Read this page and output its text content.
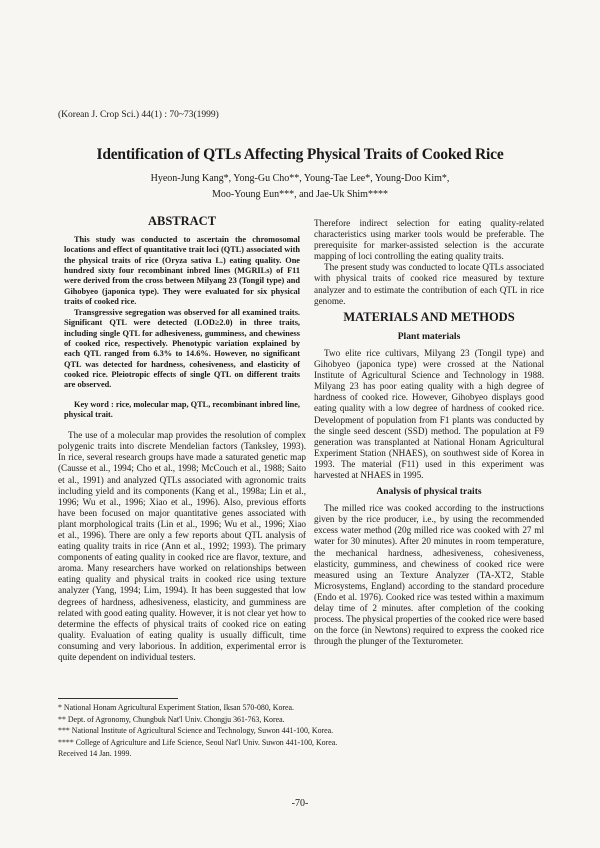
(Korean J. Crop Sci.) 44(1) : 70~73(1999)
Identification of QTLs Affecting Physical Traits of Cooked Rice
Hyeon-Jung Kang*, Yong-Gu Cho**, Young-Tae Lee*, Young-Doo Kim*,
Moo-Young Eun***, and Jae-Uk Shim****
ABSTRACT

This study was conducted to ascertain the chromosomal locations and effect of quantitative trait loci (QTL) associated with the physical traits of rice (Oryza sativa L.) eating quality. One hundred sixty four recombinant inbred lines (MGRILs) of F11 were derived from the cross between Milyang 23 (Tongil type) and Gihobyeo (japonica type). They were evaluated for six physical traits of cooked rice.

Transgressive segregation was observed for all examined traits. Significant QTL were detected (LOD≥2.0) in three traits, including single QTL for adhesiveness, gumminess, and chewiness of cooked rice, respectively. Phenotypic variation explained by each QTL ranged from 6.3% to 14.6%. However, no significant QTL was detected for hardness, cohesiveness, and elasticity of cooked rice. Pleiotropic effects of single QTL on different traits are observed.

Key word : rice, molecular map, QTL, recombinant inbred line, physical trait.

The use of a molecular map provides the resolution of complex polygenic traits into discrete Mendelian factors (Tanksley, 1993). In rice, several research groups have made a saturated genetic map (Causse et al., 1994; Cho et al., 1998; McCouch et al., 1988; Saito et al., 1991) and analyzed QTLs associated with agronomic traits including yield and its components (Kang et al., 1998a; Lin et al., 1996; Wu et al., 1996; Xiao et al., 1996). Also, previous efforts have been focused on major quantitative genes associated with plant morphological traits (Lin et al., 1996; Wu et al., 1996; Xiao et al., 1996). There are only a few reports about QTL analysis of eating quality traits in rice (Ann et al., 1992; 1993). The primary components of eating quality in cooked rice are flavor, texture, and aroma. Many researchers have worked on relationships between eating quality and physical traits in cooked rice using texture analyzer (Yang, 1994; Lim, 1994). It has been suggested that low degrees of hardness, adhesiveness, elasticity, and gumminess are related with good eating quality. However, it is not clear yet how to determine the effects of physical traits of cooked rice on eating quality. Evaluation of eating quality is usually difficult, time consuming and very laborious. In addition, experimental error is quite dependent on individual testers.

Therefore indirect selection for eating quality-related characteristics using marker tools would be preferable. The prerequisite for marker-assisted selection is the accurate mapping of loci controlling the eating quality traits.

The present study was conducted to locate QTLs associated with physical traits of cooked rice measured by texture analyzer and to estimate the contribution of each QTL in rice genome.

MATERIALS AND METHODS
Plant materials

Two elite rice cultivars, Milyang 23 (Tongil type) and Gihobyeo (japonica type) were crossed at the National Institute of Agricultural Science and Technology in 1988. Milyang 23 has poor eating quality with a high degree of hardness of cooked rice. However, Gihobyeo displays good eating quality with a low degree of hardness of cooked rice. Development of population from F1 plants was conducted by the single seed descent (SSD) method. The population at F9 generation was transplanted at National Honam Agricultural Experiment Station (NHAES), on southwest side of Korea in 1993. The material (F11) used in this experiment was harvested at NHAES in 1995.

Analysis of physical traits

The milled rice was cooked according to the instructions given by the rice producer, i.e., by using the recommended excess water method (20g milled rice was cooked with 27 ml water for 30 minutes). After 20 minutes in room temperature, the mechanical hardness, adhesiveness, cohesiveness, elasticity, gumminess, and chewiness of cooked rice were measured using an Texture Analyzer (TA-XT2, Stable Microsystems, England) according to the standard procedure (Endo et al. 1976). Cooked rice was tested within a maximum delay time of 2 minutes. after completion of the cooking process. The physical properties of the cooked rice were based on the force (in Newtons) required to express the cooked rice through the plunger of the Texturometer.

* National Honam Agricultural Experiment Station, Iksan 570-080, Korea.
** Dept. of Agronomy, Chungbuk Nat'l Univ. Chongju 361-763, Korea.
*** National Institute of Agricultural Science and Technology, Suwon 441-100, Korea.
**** College of Agriculture and Life Science, Seoul Nat'l Univ. Suwon 441-100, Korea.
Received 14 Jan. 1999.
-70-
